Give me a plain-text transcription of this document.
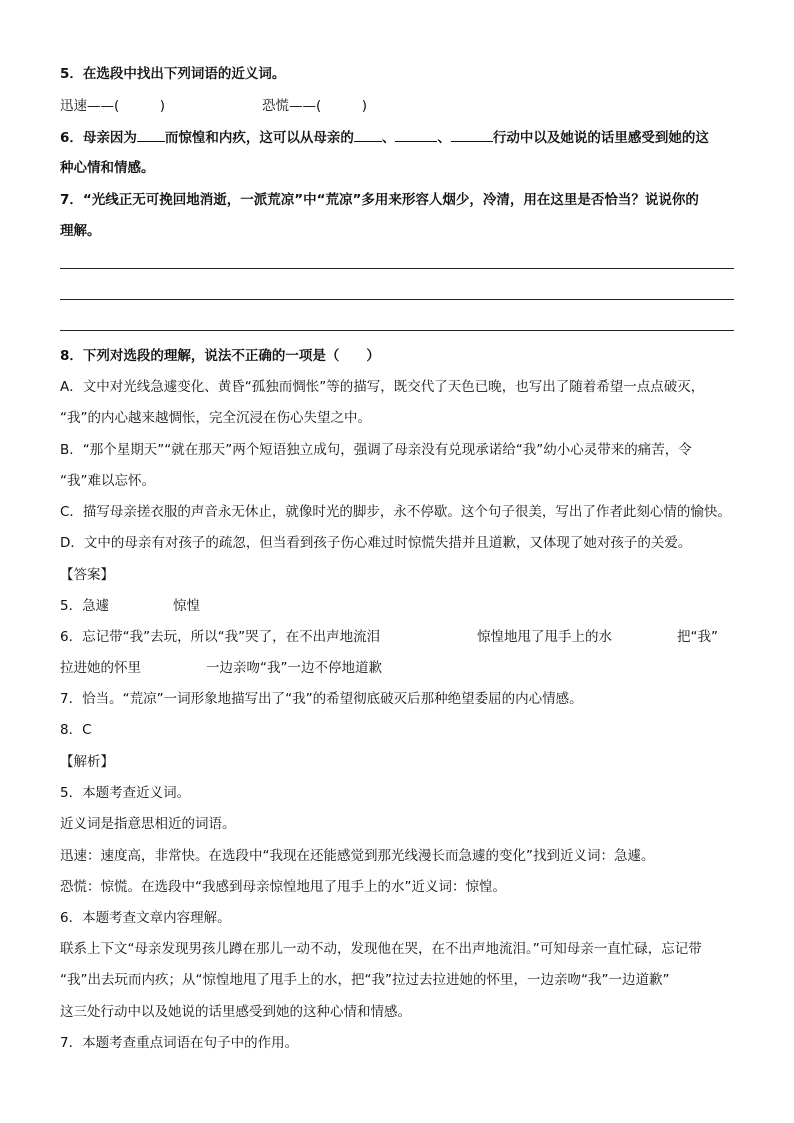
5．在选段中找出下列词语的近义词。
迅速——(　　　)	恐慌——(　　　)
6．母亲因为 而惊惶和内疚，这可以从母亲的 、	、	行动中以及她说的话里感受到她的这
种心情和情感。
7．“光线正无可挽回地消逝，一派荒凉”中“荒凉”多用来形容人烟少，冷清，用在这里是否恰当？说说你的
理解。
8．下列对选段的理解，说法不正确的一项是（　　）
A．文中对光线急遽变化、黄昏“孤独而惆怅”等的描写，既交代了天色已晚，也写出了随着希望一点点破灭，
“我”的内心越来越惆怅，完全沉浸在伤心失望之中。
B．“那个星期天”“就在那天”两个短语独立成句，强调了母亲没有兑现承诺给“我”幼小心灵带来的痛苦，令
“我”难以忘怀。
C．描写母亲搓衣服的声音永无休止，就像时光的脚步，永不停歇。这个句子很美，写出了作者此刻心情的愉快。
D．文中的母亲有对孩子的疏忽，但当看到孩子伤心难过时惊慌失措并且道歉，又体现了她对孩子的关爱。
【答案】
5．急遽	惊惶
6．忘记带“我”去玩，所以“我”哭了，在不出声地流泪	惊惶地甩了甩手上的水	把“我”
拉进她的怀里	一边亲吻“我”一边不停地道歉
7．恰当。“荒凉”一词形象地描写出了“我”的希望彻底破灭后那种绝望委屈的内心情感。
8．C
【解析】
5．本题考查近义词。
近义词是指意思相近的词语。
迅速：速度高，非常快。在选段中“我现在还能感觉到那光线漫长而急遽的变化”找到近义词：急遽。
恐慌：惊慌。在选段中“我感到母亲惊惶地甩了甩手上的水”近义词：惊惶。
6．本题考查文章内容理解。
联系上下文“母亲发现男孩儿蹲在那儿一动不动，发现他在哭，在不出声地流泪。”可知母亲一直忙碌，忘记带
“我”出去玩而内疚；从“惊惶地甩了甩手上的水，把“我”拉过去拉进她的怀里，一边亲吻“我”一边道歉”
这三处行动中以及她说的话里感受到她的这种心情和情感。
7．本题考查重点词语在句子中的作用。
